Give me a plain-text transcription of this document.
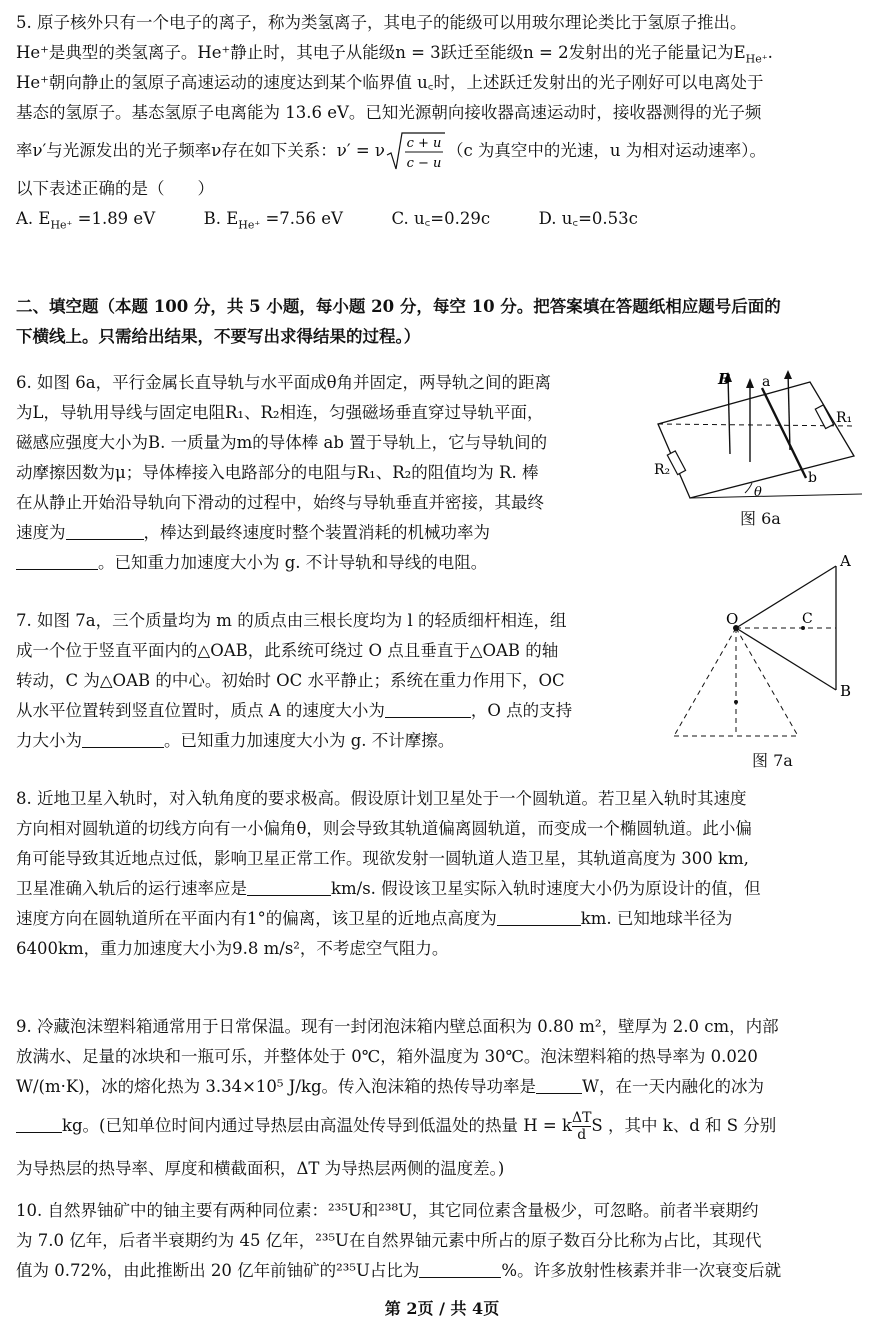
5. 原子核外只有一个电子的离子，称为类氢离子，其电子的能级可以用玻尔理论类比于氢原子推出。
He⁺是典型的类氢离子。He⁺静止时，其电子从能级n = 3跃迁至能级n = 2发射出的光子能量记为$E_{He^+}$.
He⁺朝向静止的氢原子高速运动的速度达到某个临界值 u꜀时，上述跃迁发射出的光子刚好可以电离处于
基态的氢原子。基态氢原子电离能为 13.6 eV。已知光源朝向接收器高速运动时，接收器测得的光子频
率ν′与光源发出的光子频率ν存在如下关系：ν′ = ν c + u
c − u
（c 为真空中的光速，u 为相对运动速率）。
以下表述正确的是（　　）
A. $E_{He^+} =1.89$ eV	B. $E_{He^+} =7.56$ eV	C. u꜀=0.29c	D. u꜀=0.53c
二、填空题（本题 100 分，共 5 小题，每小题 20 分，每空 10 分。把答案填在答题纸相应题号后面的
下横线上。只需给出结果，不要写出求得结果的过程。）
6. 如图 6a，平行金属长直导轨与水平面成θ角并固定，两导轨之间的距离
为L，导轨用导线与固定电阻R₁、R₂相连，匀强磁场垂直穿过导轨平面，
磁感应强度大小为B. 一质量为m的导体棒 ab 置于导轨上，它与导轨间的
动摩擦因数为μ；导体棒接入电路部分的电阻与R₁、R₂的阻值均为 R. 棒
在从静止开始沿导轨向下滑动的过程中，始终与导轨垂直并密接，其最终
速度为	，棒达到最终速度时整个装置消耗的机械功率为
。已知重力加速度大小为 g. 不计导轨和导线的电阻。
B a
b
R₁
R₂
θ
图 6a
7. 如图 7a，三个质量均为 m 的质点由三根长度均为 l 的轻质细杆相连，组
成一个位于竖直平面内的△OAB，此系统可绕过 O 点且垂直于△OAB 的轴
转动，C 为△OAB 的中心。初始时 OC 水平静止；系统在重力作用下，OC
从水平位置转到竖直位置时，质点 A 的速度大小为	，O 点的支持
力大小为	。已知重力加速度大小为 g. 不计摩擦。
O
A
B
C
图 7a
8. 近地卫星入轨时，对入轨角度的要求极高。假设原计划卫星处于一个圆轨道。若卫星入轨时其速度
方向相对圆轨道的切线方向有一小偏角θ，则会导致其轨道偏离圆轨道，而变成一个椭圆轨道。此小偏
角可能导致其近地点过低，影响卫星正常工作。现欲发射一圆轨道人造卫星，其轨道高度为 300 km,
卫星准确入轨后的运行速率应是	km/s. 假设该卫星实际入轨时速度大小仍为原设计的值，但
速度方向在圆轨道所在平面内有1°的偏离，该卫星的近地点高度为	km. 已知地球半径为
6400km，重力加速度大小为9.8 m/s²，不考虑空气阻力。
9. 冷藏泡沫塑料箱通常用于日常保温。现有一封闭泡沫箱内壁总面积为 0.80 m²，壁厚为 2.0 cm，内部
放满水、足量的冰块和一瓶可乐，并整体处于 0℃，箱外温度为 30℃。泡沫塑料箱的热导率为 0.020
W/(m·K)，冰的熔化热为 3.34×10⁵ J/kg。传入泡沫箱的热传导功率是	W，在一天内融化的冰为
kg。(已知单位时间内通过导热层由高温处传导到低温处的热量 H = k $\frac{\Delta T}{d}$ S ，其中 k、d 和 S 分别
为导热层的热导率、厚度和横截面积，ΔT 为导热层两侧的温度差。)
10. 自然界铀矿中的铀主要有两种同位素：²³⁵U和²³⁸U，其它同位素含量极少，可忽略。前者半衰期约
为 7.0 亿年，后者半衰期约为 45 亿年，²³⁵U在自然界铀元素中所占的原子数百分比称为占比，其现代
值为 0.72%，由此推断出 20 亿年前铀矿的²³⁵U占比为	%。许多放射性核素并非一次衰变后就
第 2页 / 共 4页
